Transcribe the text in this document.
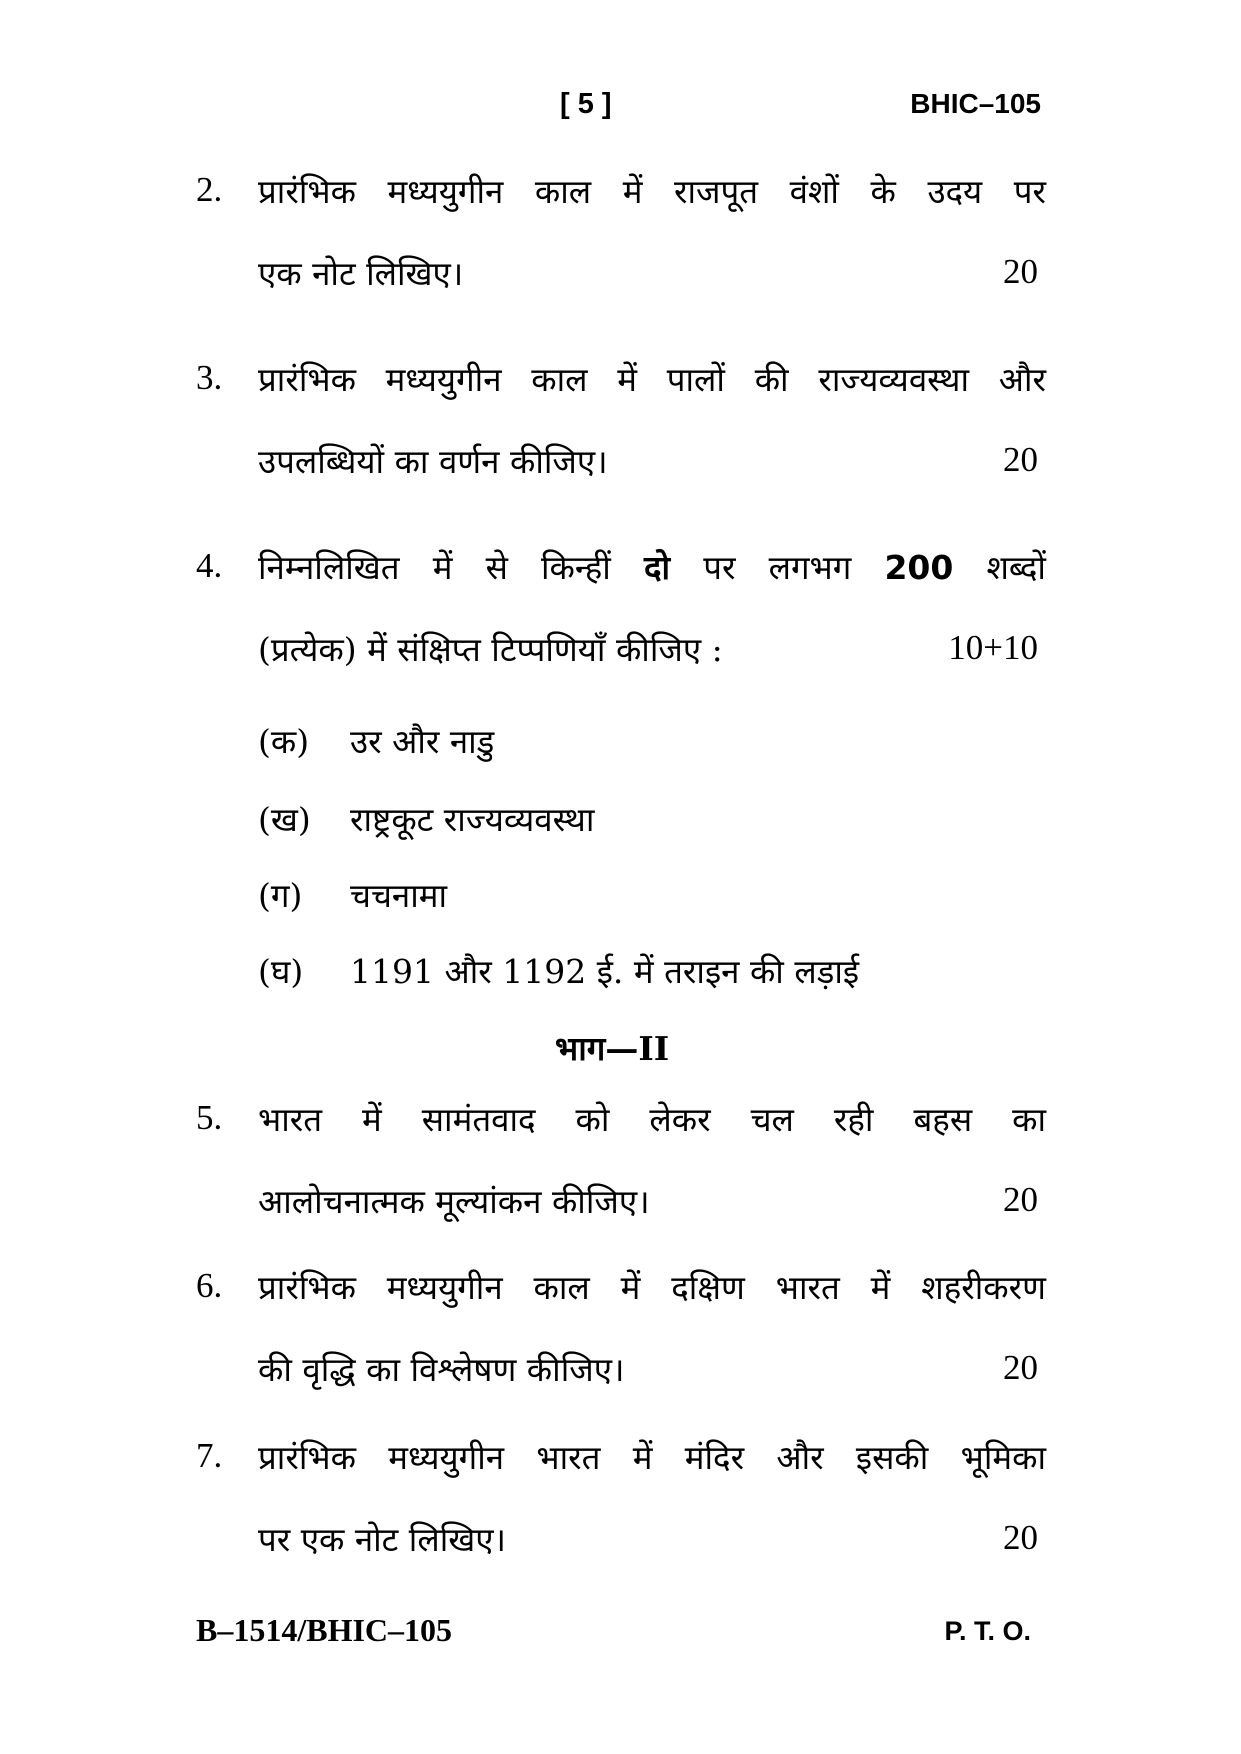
[ 5 ]	BHIC–105
2. प्रारंभिक मध्ययुगीन काल में राजपूत वंशों के उदय पर
एक नोट लिखिए।	20
3. प्रारंभिक मध्ययुगीन काल में पालों की राज्यव्यवस्था और
उपलब्धियों का वर्णन कीजिए।	20
4. निम्नलिखित में से किन्हीं दो पर लगभग 200 शब्दों
(प्रत्येक) में संक्षिप्त टिप्पणियाँ कीजिए :	10+10
(क) उर और नाडु
(ख) राष्ट्रकूट राज्यव्यवस्था
(ग) चचनामा
(घ) 1191 और 1192 ई. में तराइन की लड़ाई
भाग—II
5. भारत में सामंतवाद को लेकर चल रही बहस का
आलोचनात्मक मूल्यांकन कीजिए।	20
6. प्रारंभिक मध्ययुगीन काल में दक्षिण भारत में शहरीकरण
की वृद्धि का विश्लेषण कीजिए।	20
7. प्रारंभिक मध्ययुगीन भारत में मंदिर और इसकी भूमिका
पर एक नोट लिखिए।	20
B–1514/BHIC–105	P. T. O.
